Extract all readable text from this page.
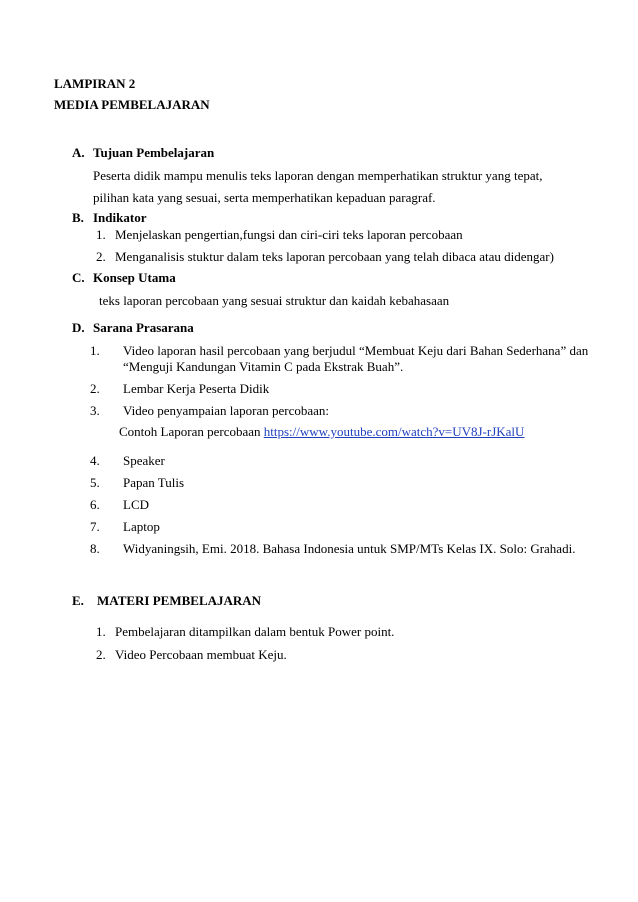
LAMPIRAN 2
MEDIA PEMBELAJARAN
A. Tujuan Pembelajaran
Peserta didik mampu menulis teks laporan dengan memperhatikan struktur yang tepat,
pilihan kata yang sesuai, serta memperhatikan kepaduan paragraf.
B. Indikator
1. Menjelaskan pengertian,fungsi dan ciri-ciri teks laporan percobaan
2. Menganalisis stuktur dalam teks laporan percobaan yang telah dibaca atau didengar)
C. Konsep Utama
teks laporan percobaan yang sesuai struktur dan kaidah kebahasaan
D. Sarana Prasarana
1. Video laporan hasil percobaan yang berjudul “Membuat Keju dari Bahan Sederhana” dan
“Menguji Kandungan Vitamin C pada Ekstrak Buah”.
2. Lembar Kerja Peserta Didik
3. Video penyampaian laporan percobaan:
Contoh Laporan percobaan https://www.youtube.com/watch?v=UV8J-rJKalU
4. Speaker
5. Papan Tulis
6. LCD
7. Laptop
8. Widyaningsih, Emi. 2018. Bahasa Indonesia untuk SMP/MTs Kelas IX. Solo: Grahadi.
E. MATERI PEMBELAJARAN
1. Pembelajaran ditampilkan dalam bentuk Power point.
2. Video Percobaan membuat Keju.
